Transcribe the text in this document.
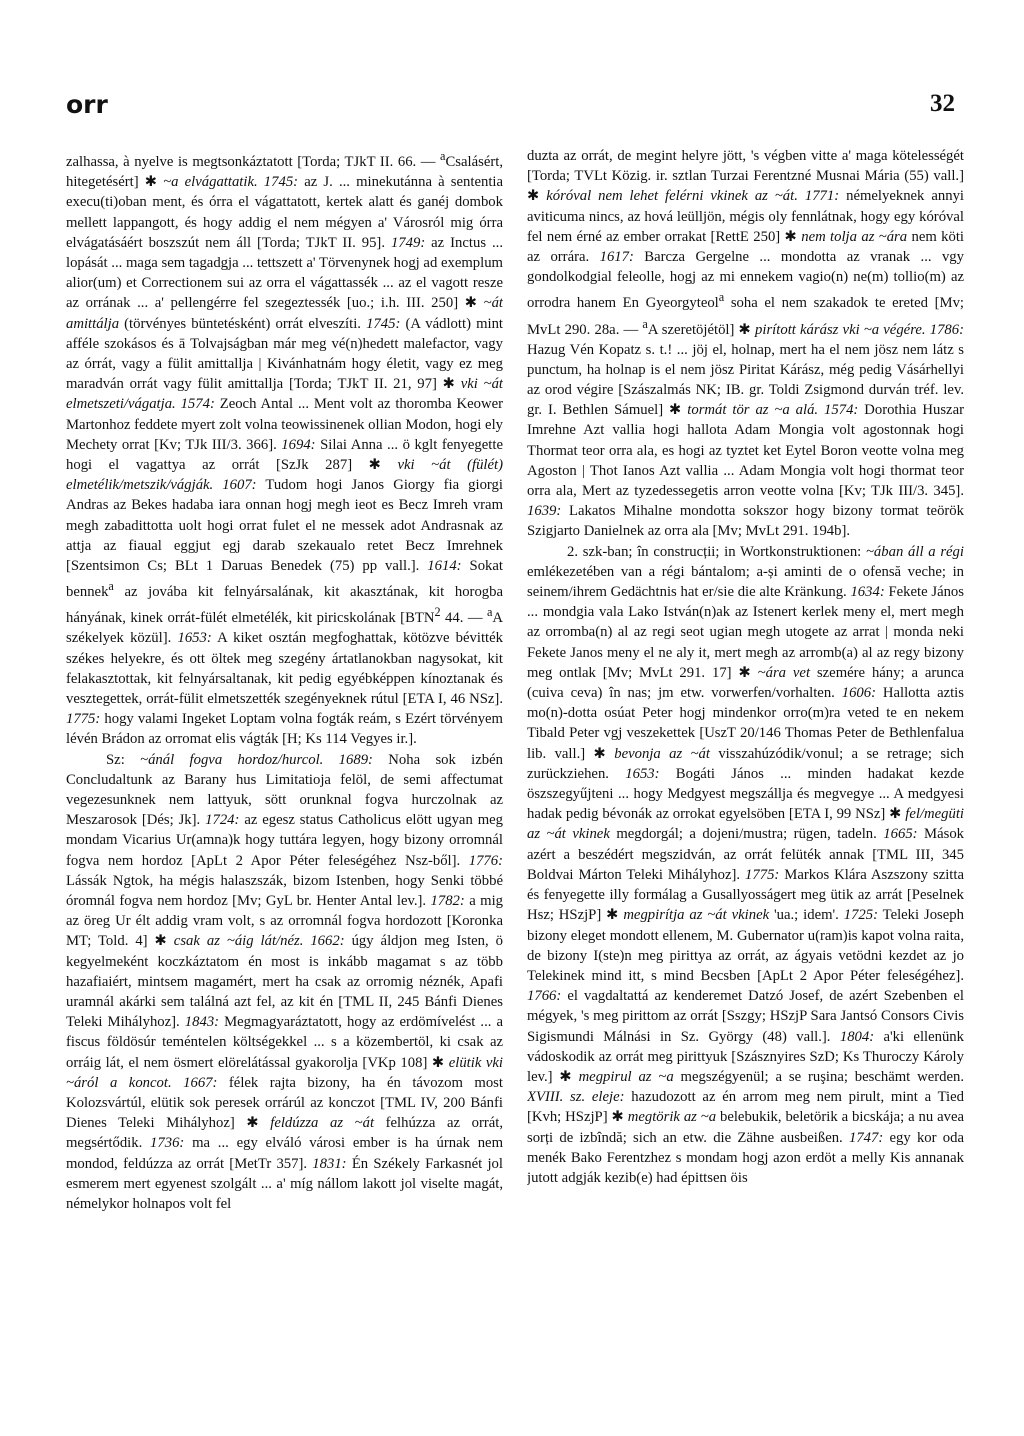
orr	32

zalhassa, à nyelve is megtsonkáztatott [Torda; TJkT II. 66. — $^a$Csalásért, hitegetésért] ✱ ~a elvágattatik. 1745: az J. ... minekutánna à sententia execu(ti)oban ment, és órra el vágattatott, kertek alatt és ganéj dombok mellett lappangott, és hogy addig el nem mégyen a' Városról mig órra elvágatásáért boszszút nem áll [Torda; TJkT II. 95]. 1749: az Inctus ... lopását ... maga sem tagadgja ... tettszett a' Törvenynek hogj ad exemplum alior(um) et Correctionem sui az orra el vágattassék ... az el vagott resze az orrának ... a' pellengérre fel szegeztessék [uo.; i.h. III. 250] ✱ ~át amittálja (törvényes büntetésként) orrát elveszíti. 1745: (A vádlott) mint afféle szokásos és ā Tolvajságban már meg vé(n)hedett malefactor, vagy az órrát, vagy a fülit amittallja | Kivánhatnám hogy életit, vagy ez meg maradván orrát vagy fülit amittallja [Torda; TJkT II. 21, 97] ✱ vki ~át elmetszeti/vágatja. 1574: Zeoch Antal ... Ment volt az thoromba Keower Martonhoz feddete myert zolt volna teowissinenek ollian Modon, hogi ely Mechety orrat [Kv; TJk III/3. 366]. 1694: Silai Anna ... ö kglt fenyegette hogi el vagattya az orrát [SzJk 287] ✱ vki ~át (fülét) elmetélik/metszik/vágják. 1607: Tudom hogi Janos Giorgy fia giorgi Andras az Bekes hadaba iara onnan hogj megh ieot es Becz Imreh vram megh zabadittotta uolt hogi orrat fulet el ne messek adot Andrasnak az attja az fiaual eggjut egj darab szekaualo retet Becz Imrehnek [Szentsimon Cs; BLt 1 Daruas Benedek (75) pp vall.]. 1614: Sokat bennek$^a$ az jovába kit felnyársalának, kit akasztának, kit horogba hányának, kinek orrát-fülét elmetélék, kit piricskolának [BTN$^2$ 44. — $^a$A székelyek közül]. 1653: A kiket osztán megfoghattak, kötözve bévitték székes helyekre, és ott öltek meg szegény ártatlanokban nagysokat, kit felakasztottak, kit felnyársaltanak, kit pedig egyébképpen kínoztanak és vesztegettek, orrát-fülit elmetszették szegényeknek rútul [ETA I, 46 NSz]. 1775: hogy valami Ingeket Loptam volna fogták reám, s Ezért törvényem lévén Brádon az orromat elis vágták [H; Ks 114 Vegyes ir.].

Sz: ~ánál fogva hordoz/hurcol. 1689: Noha sok izbén Concludaltunk az Barany hus Limitatioja felöl, de semi affectumat vegezesunknek nem lattyuk, sött orunknal fogva hurczolnak az Meszarosok [Dés; Jk]. 1724: az egesz status Catholicus elött ugyan meg mondam Vicarius Ur(amna)k hogy tuttára legyen, hogy bizony orromnál fogva nem hordoz [ApLt 2 Apor Péter feleségéhez Nsz-ből]. 1776: Lássák Ngtok, ha mégis halaszszák, bizom Istenben, hogy Senki többé óromnál fogva nem hordoz [Mv; GyL br. Henter Antal lev.]. 1782: a mig az öreg Ur élt addig vram volt, s az orromnál fogva hordozott [Koronka MT; Told. 4] ✱ csak az ~áig lát/néz. 1662: úgy áldjon meg Isten, ö kegyelmeként koczkáztatom én most is inkább magamat s az több hazafiaiért, mintsem magamért, mert ha csak az orromig néznék, Apafi uramnál akárki sem találná azt fel, az kit én [TML II, 245 Bánfi Dienes Teleki Mihályhoz]. 1843: Megmagyaráztatott, hogy az erdömívelést ... a fiscus földösúr teméntelen költségekkel ... s a közembertöl, ki csak az orráig lát, el nem ösmert elörelátással gyakorolja [VKp 108] ✱ elütik vki ~áról a koncot. 1667: félek rajta bizony, ha én távozom most Kolozsvártúl, elütik sok peresek orrárúl az konczot [TML IV, 200 Bánfi Dienes Teleki Mihályhoz] ✱ feldúzza az ~át felhúzza az orrát, megsértődik. 1736: ma ... egy elváló városi ember is ha úrnak nem mondod, feldúzza az orrát [MetTr 357]. 1831: Én Székely Farkasnét jol esmerem mert egyenest szolgált ... a' míg nállom lakott jol viselte magát, némelykor holnapos volt fel

duzta az orrát, de megint helyre jött, 's végben vitte a' maga kötelességét [Torda; TVLt Közig. ir. sztlan Turzai Ferentzné Musnai Mária (55) vall.] ✱ kóróval nem lehet felérni vkinek az ~át. 1771: némelyeknek annyi aviticuma nincs, az hová leülljön, mégis oly fennlátnak, hogy egy kóróval fel nem érné az ember orrakat [RettE 250] ✱ nem tolja az ~ára nem köti az orrára. 1617: Barcza Gergelne ... mondotta az vranak ... vgy gondolkodgial feleolle, hogj az mi ennekem vagio(n) ne(m) tollio(m) az orrodra hanem En Gyeorgyteol$^a$ soha el nem szakadok te ereted [Mv; MvLt 290. 28a. — $^a$A szeretöjétöl] ✱ pirított kárász vki ~a végére. 1786: Hazug Vén Kopatz s. t.! ... jöj el, holnap, mert ha el nem jösz nem látz s punctum, ha holnap is el nem jösz Piritat Kárász, még pedig Vásárhellyi az orod végire [Szászalmás NK; IB. gr. Toldi Zsigmond durván tréf. lev. gr. I. Bethlen Sámuel] ✱ tormát tör az ~a alá. 1574: Dorothia Huszar Imrehne Azt vallia hogi hallota Adam Mongia volt agostonnak hogi Thormat teor orra ala, es hogi az tyztet ket Eytel Boron veotte volna meg Agoston | Thot Ianos Azt vallia ... Adam Mongia volt hogi thormat teor orra ala, Mert az tyzedessegetis arron veotte volna [Kv; TJk III/3. 345]. 1639: Lakatos Mihalne mondotta sokszor hogy bizony tormat teörök Szigjarto Danielnek az orra ala [Mv; MvLt 291. 194b].

2. szk-ban; în construcții; in Wortkonstruktionen: ~ában áll a régi emlékezetében van a régi bántalom; a-și aminti de o ofensă veche; in seinem/ihrem Gedächtnis hat er/sie die alte Kränkung. 1634: Fekete János ... mondgia vala Lako István(n)ak az Istenert kerlek meny el, mert megh az orromba(n) al az regi seot ugian megh utogete az arrat | monda neki Fekete Janos meny el ne aly it, mert megh az arromb(a) al az regy bizony meg ontlak [Mv; MvLt 291. 17] ✱ ~ára vet szemére hány; a arunca (cuiva ceva) în nas; jm etw. vorwerfen/vorhalten. 1606: Hallotta aztis mo(n)-dotta osúat Peter hogj mindenkor orro(m)ra veted te en nekem Tibald Peter vgj veszekettek [UszT 20/146 Thomas Peter de Bethlenfalua lib. vall.] ✱ bevonja az ~át visszahúzódik/vonul; a se retrage; sich zurückziehen. 1653: Bogáti János ... minden hadakat kezde öszszegyűjteni ... hogy Medgyest megszállja és megvegye ... A medgyesi hadak pedig bévonák az orrokat egyelsöben [ETA I, 99 NSz] ✱ fel/megüti az ~át vkinek megdorgál; a dojeni/mustra; rügen, tadeln. 1665: Mások azért a beszédért megszidván, az orrát felüték annak [TML III, 345 Boldvai Márton Teleki Mihályhoz]. 1775: Markos Klára Aszszony szitta és fenyegette illy formálag a Gusallyosságert meg ütik az arrát [Peselnek Hsz; HSzjP] ✱ megpirítja az ~át vkinek 'ua.; idem'. 1725: Teleki Joseph bizony eleget mondott ellenem, M. Gubernator u(ram)is kapot volna raita, de bizony I(ste)n meg pirittya az orrát, az ágyais vetödni kezdet az jo Telekinek mind itt, s mind Becsben [ApLt 2 Apor Péter feleségéhez]. 1766: el vagdaltattá az kenderemet Datzó Josef, de azért Szebenben el mégyek, 's meg pirittom az orrát [Sszgy; HSzjP Sara Jantsó Consors Civis Sigismundi Málnási in Sz. György (48) vall.]. 1804: a'ki ellenünk vádoskodik az orrát meg pirittyuk [Szásznyires SzD; Ks Thuroczy Károly lev.] ✱ megpirul az ~a megszégyenül; a se ruşina; beschämt werden. XVIII. sz. eleje: hazudozott az én arrom meg nem pirult, mint a Tied [Kvh; HSzjP] ✱ megtörik az ~a belebukik, beletörik a bicskája; a nu avea sorți de izbîndă; sich an etw. die Zähne ausbeißen. 1747: egy kor oda menék Bako Ferentzhez s mondam hogj azon erdöt a melly Kis annanak jutott adgják kezib(e) had épittsen öis
